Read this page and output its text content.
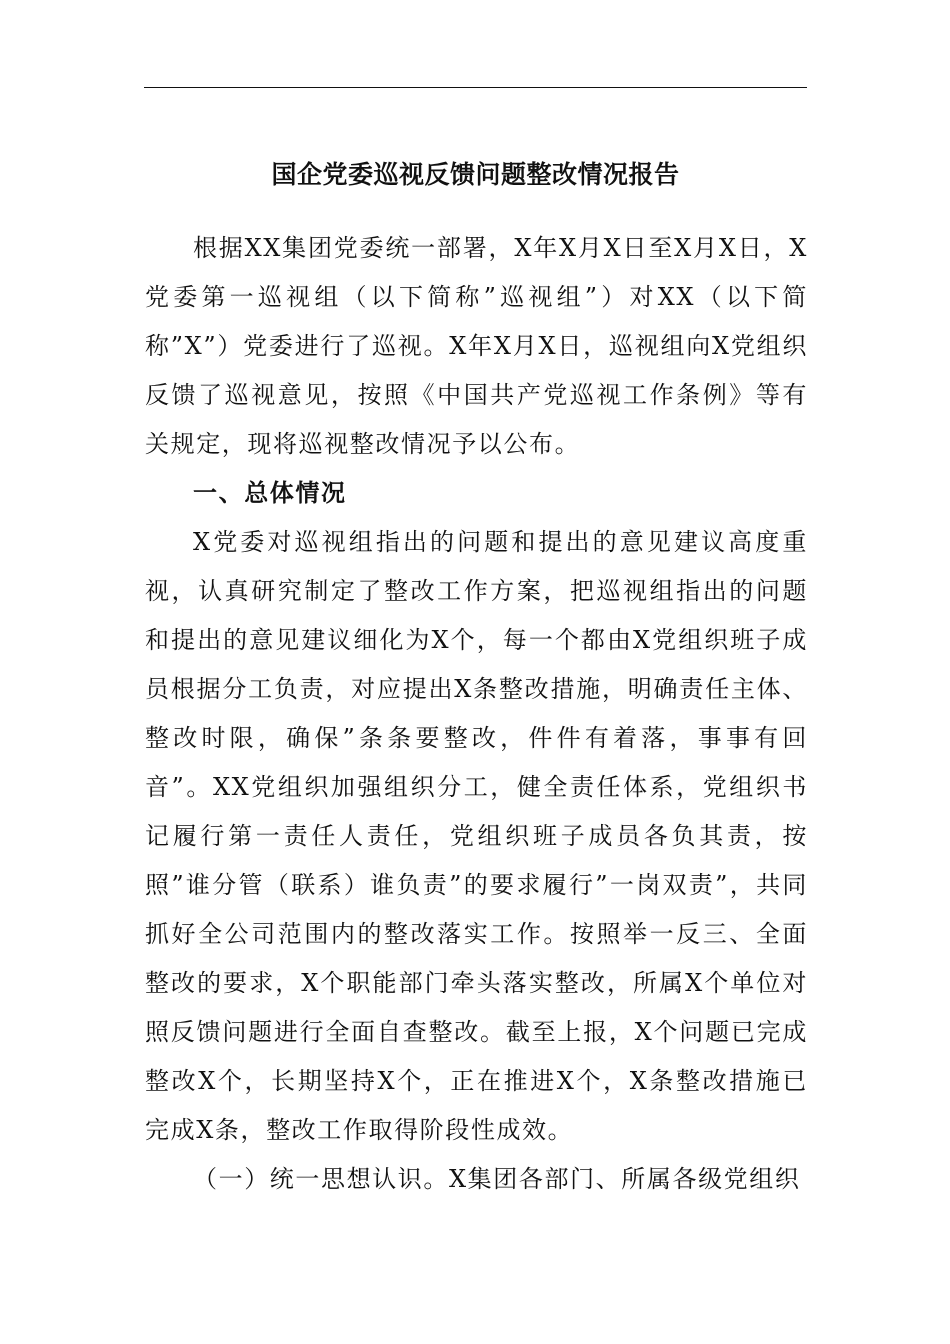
国企党委巡视反馈问题整改情况报告

根据XX集团党委统一部署，X年X月X日至X月X日，X党委第一巡视组（以下简称”巡视组”）对XX（以下简称”X”）党委进行了巡视。X年X月X日，巡视组向X党组织反馈了巡视意见，按照《中国共产党巡视工作条例》等有关规定，现将巡视整改情况予以公布。

一、总体情况

X党委对巡视组指出的问题和提出的意见建议高度重视，认真研究制定了整改工作方案，把巡视组指出的问题和提出的意见建议细化为X个，每一个都由X党组织班子成员根据分工负责，对应提出X条整改措施，明确责任主体、整改时限，确保”条条要整改，件件有着落，事事有回音”。XX党组织加强组织分工，健全责任体系，党组织书记履行第一责任人责任，党组织班子成员各负其责，按照”谁分管（联系）谁负责”的要求履行”一岗双责”，共同抓好全公司范围内的整改落实工作。按照举一反三、全面整改的要求，X个职能部门牵头落实整改，所属X个单位对照反馈问题进行全面自查整改。截至上报，X个问题已完成整改X个，长期坚持X个，正在推进X个，X条整改措施已完成X条，整改工作取得阶段性成效。

（一）统一思想认识。X集团各部门、所属各级党组织
